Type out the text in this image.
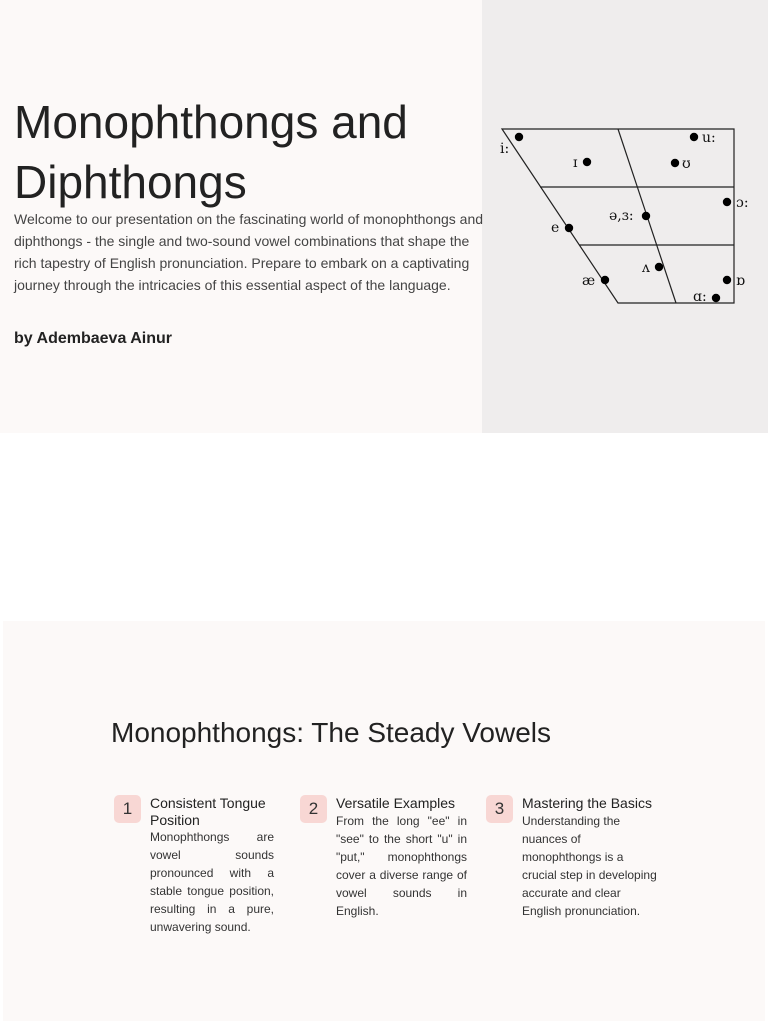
Monophthongs and Diphthongs

Welcome to our presentation on the fascinating world of monophthongs and diphthongs - the single and two-sound vowel combinations that shape the rich tapestry of English pronunciation. Prepare to embark on a captivating journey through the intricacies of this essential aspect of the language.

by Adembaeva Ainur
i:
u:
ɪ	ʊ
ɔ:
ə,ɜ:
e
ʌ
æ	ɒ
ɑ:
Monophthongs: The Steady Vowels
1	Consistent Tongue Position
Monophthongs are vowel sounds pronounced with a stable tongue position, resulting in a pure, unwavering sound.
2	Versatile Examples
From the long "ee" in "see" to the short "u" in "put," monophthongs cover a diverse range of vowel sounds in English.
3	Mastering the Basics
Understanding the nuances of monophthongs is a crucial step in developing accurate and clear English pronunciation.
